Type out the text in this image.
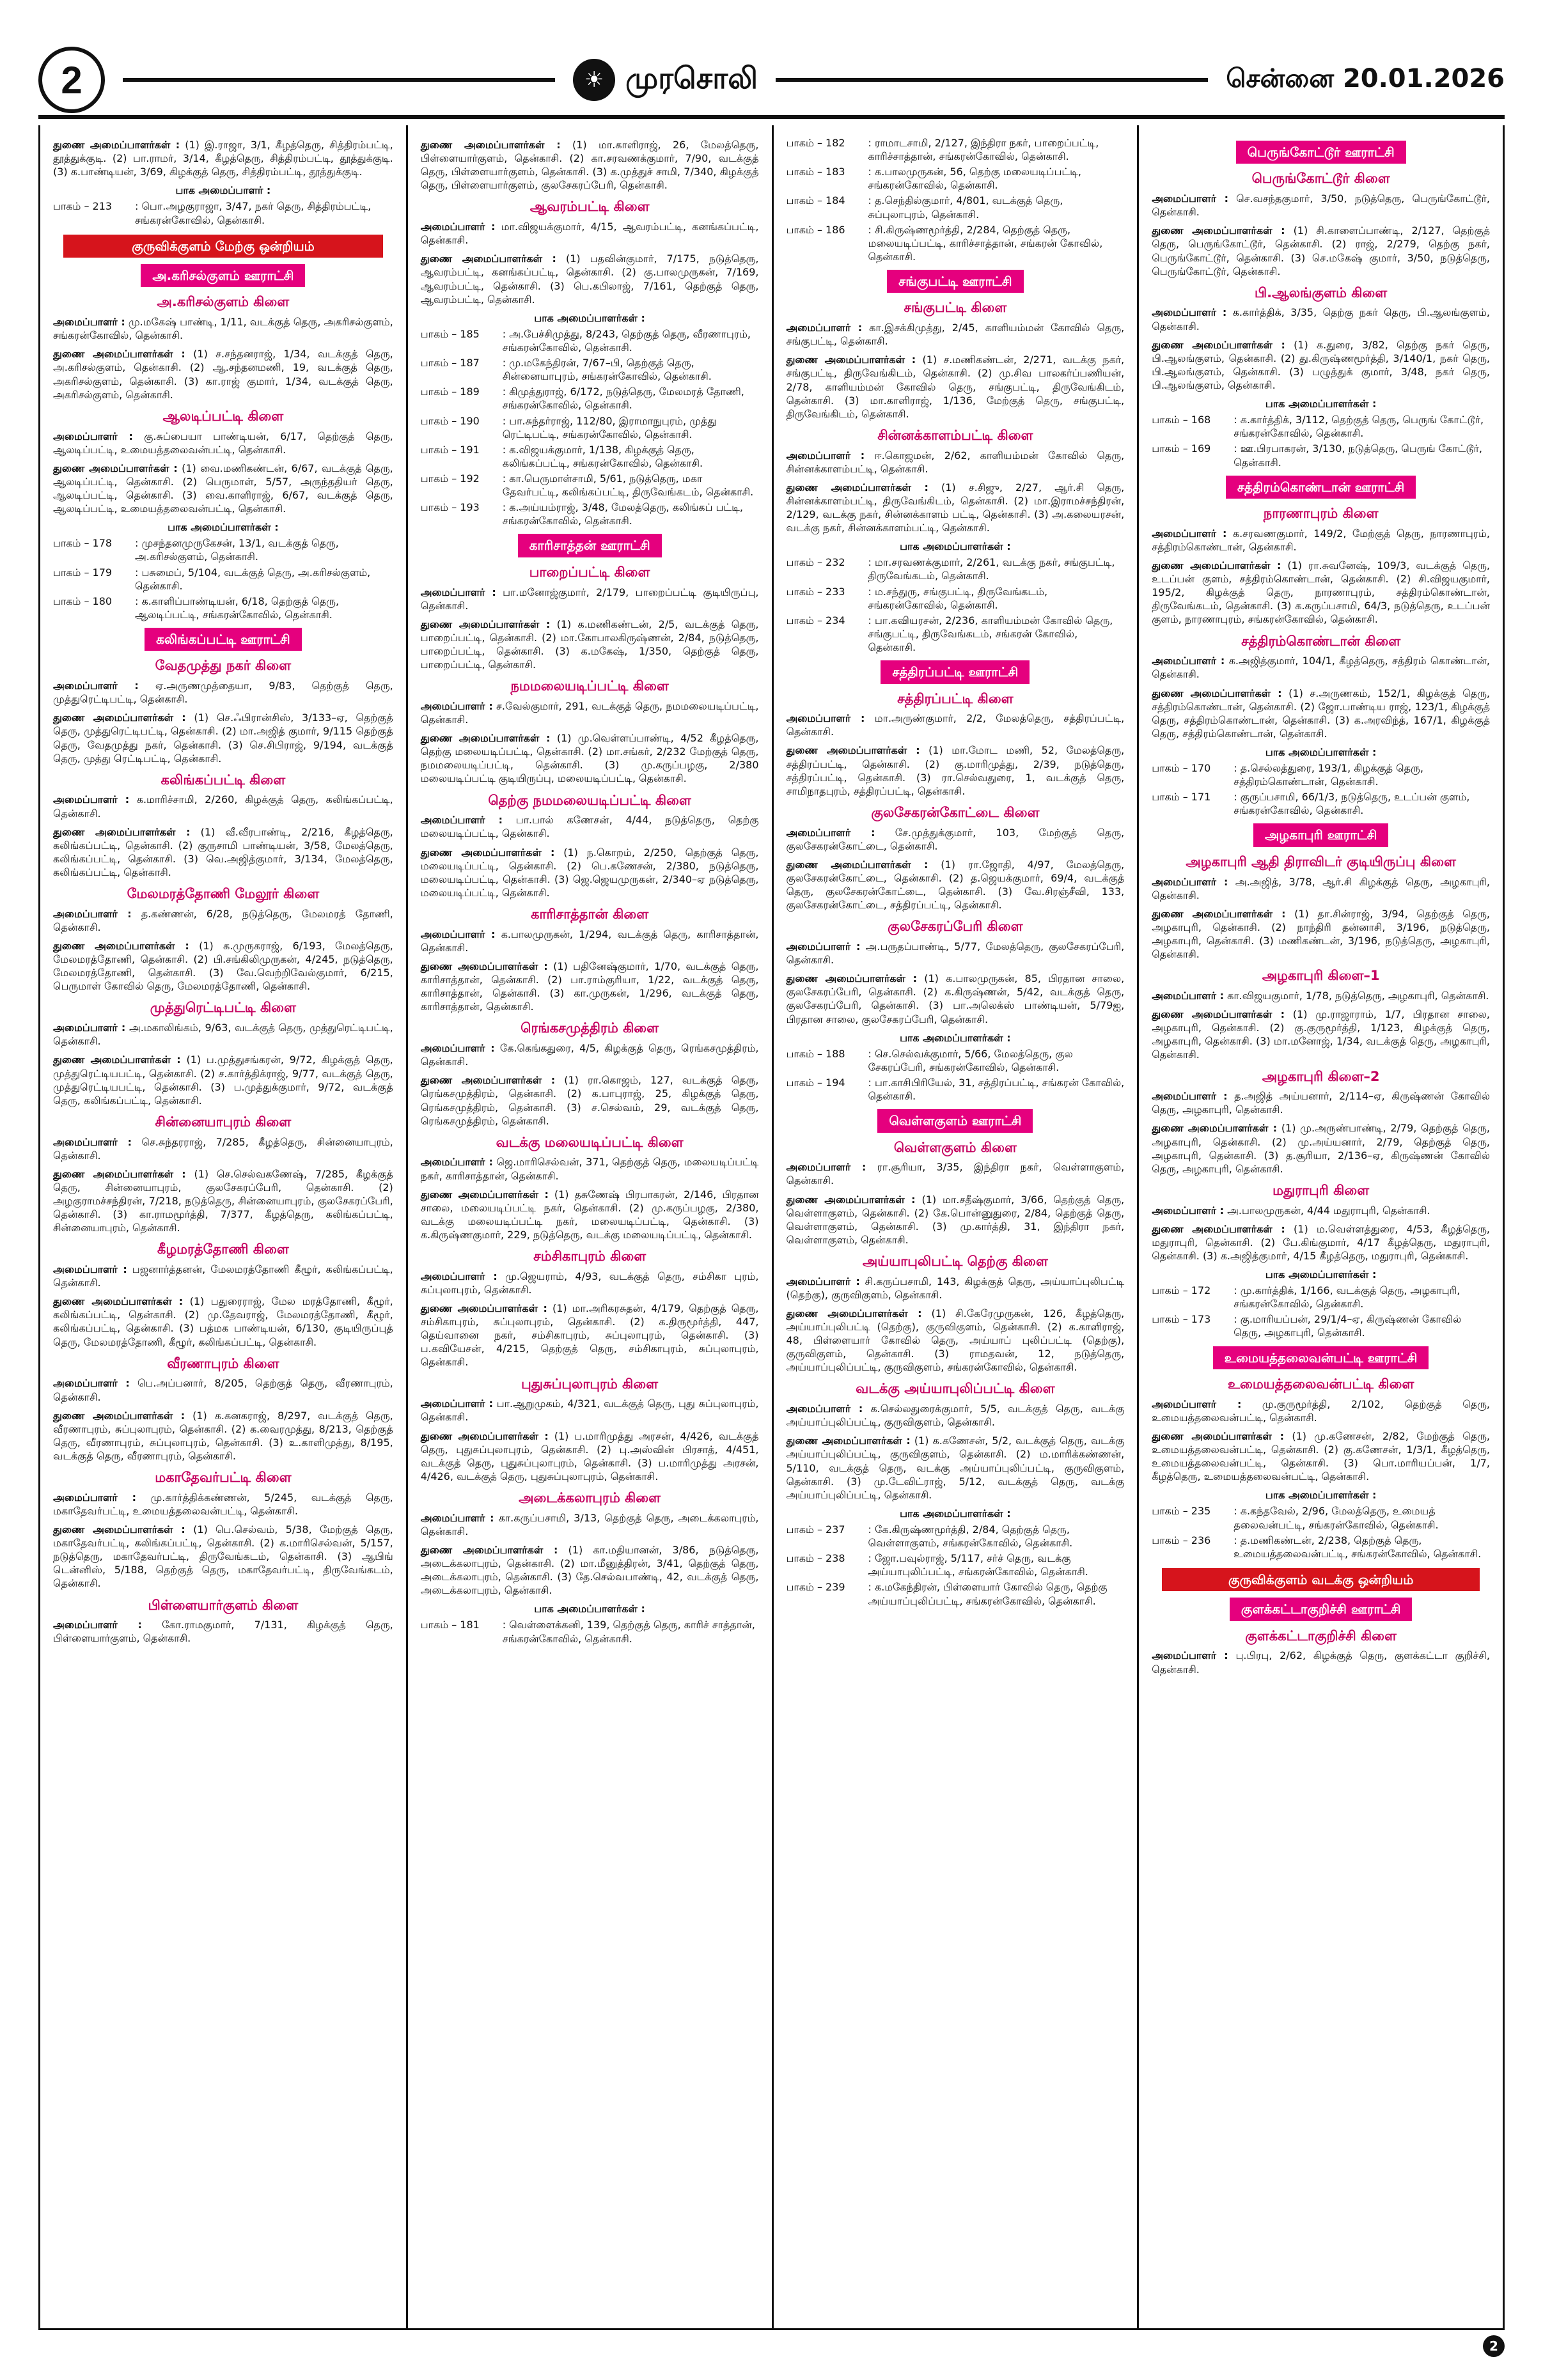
2	☀ முரசொலி	சென்னை 20.01.2026
துணை அமைப்பாளர்கள் : (1) இ.ராஜா, 3/1, கீழத்தெரு, சித்திரம்பட்டி, தூத்துக்குடி. (2) பா.ராமர், 3/14, கீழத்தெரு, சித்திரம்பட்டி, தூத்துக்குடி. (3) க.பாண்டியன், 3/69, கிழக்குத் தெரு, சித்திரம்பட்டி, தூத்துக்குடி.
பாக அமைப்பாளர் :
பாகம் – 213	: பொ.அழகுராஜா, 3/47, நகர் தெரு, சித்திரம்பட்டி, சங்கரன்கோவில், தென்காசி.
குருவிக்குளம் மேற்கு ஒன்றியம்
அ.கரிசல்குளம் ஊராட்சி
அ.கரிசல்குளம் கிளை
அமைப்பாளர் : மு.மகேஷ் பாண்டி, 1/11, வடக்குத் தெரு, அகரிசல்குளம், சங்கரன்கோவில், தென்காசி.
துணை அமைப்பாளர்கள் : (1) ச.சந்தனராஜ், 1/34, வடக்குத் தெரு, அ.கரிசல்குளம், தென்காசி. (2) ஆ.சந்தனமணி, 19, வடக்குத் தெரு, அகரிசல்குளம், தென்காசி. (3) கா.ராஜ் குமார், 1/34, வடக்குத் தெரு, அகரிசல்குளம், தென்காசி.
ஆலடிப்பட்டி கிளை
அமைப்பாளர் : கு.சுப்பையா பாண்டியன், 6/17, தெற்குத் தெரு, ஆலடிப்பட்டி, உமையத்தலைவன்பட்டி, தென்காசி.
துணை அமைப்பாளர்கள் : (1) வை.மணிகண்டன், 6/67, வடக்குத் தெரு, ஆலடிப்பட்டி, தென்காசி. (2) பெருமாள், 5/57, அருந்ததியர் தெரு, ஆலடிப்பட்டி, தென்காசி. (3) வை.காளிராஜ், 6/67, வடக்குத் தெரு, ஆலடிப்பட்டி, உமையத்தலைவன்பட்டி, தென்காசி.
பாக அமைப்பாளர்கள் :
பாகம் – 178	: முசந்தனமுருகேசன், 13/1, வடக்குத் தெரு, அ.கரிசல்குளம், தென்காசி.
பாகம் – 179	: பசுமைப், 5/104, வடக்குத் தெரு, அ.கரிசல்குளம், தென்காசி.
பாகம் – 180	: க.காளிப்பாண்டியன், 6/18, தெற்குத் தெரு, ஆலடிப்பட்டி, சங்கரன்கோவில், தென்காசி.
கலிங்கப்பட்டி ஊராட்சி
வேதமுத்து நகர் கிளை
அமைப்பாளர் : ஏ.அருணமுத்தையா, 9/83, தெற்குத் தெரு, முத்துரெட்டிபட்டி, தென்காசி.
துணை அமைப்பாளர்கள் : (1) செ.ஃபிரான்சிஸ், 3/133–ஏ, தெற்குத் தெரு, முத்துரெட்டிபட்டி, தென்காசி. (2) மா.அஜித் குமார், 9/115 தெற்குத் தெரு, வேதமுத்து நகர், தென்காசி. (3) செ.சிபிராஜ், 9/194, வடக்குத் தெரு, முத்து ரெட்டிபட்டி, தென்காசி.
கலிங்கப்பட்டி கிளை
அமைப்பாளர் : க.மாரிச்சாமி, 2/260, கிழக்குத் தெரு, கலிங்கப்பட்டி, தென்காசி.
துணை அமைப்பாளர்கள் : (1) வீ.வீரபாண்டி, 2/216, கீழத்தெரு, கலிங்கப்பட்டி, தென்காசி. (2) குருசாமி பாண்டியன், 3/58, மேலத்தெரு, கலிங்கப்பட்டி, தென்காசி. (3) வெ.அஜித்குமார், 3/134, மேலத்தெரு, கலிங்கப்பட்டி, தென்காசி.
மேலமரத்தோணி மேலூர் கிளை
அமைப்பாளர் : த.கண்ணன், 6/28, நடுத்தெரு, மேலமரத் தோணி, தென்காசி.
துணை அமைப்பாளர்கள் : (1) க.முருகராஜ், 6/193, மேலத்தெரு, மேலமரத்தோணி, தென்காசி. (2) பி.சங்கிலிமுருகன், 4/245, நடுத்தெரு, மேலமரத்தோணி, தென்காசி. (3) வே.வெற்றிவேல்குமார், 6/215, பெருமாள் கோவில் தெரு, மேலமரத்தோணி, தென்காசி.
முத்துரெட்டிபட்டி கிளை
அமைப்பாளர் : அ.மகாலிங்கம், 9/63, வடக்குத் தெரு, முத்துரெட்டிபட்டி, தென்காசி.
துணை அமைப்பாளர்கள் : (1) ப.முத்துசங்கரன், 9/72, கிழக்குத் தெரு, முத்துரெட்டியபட்டி, தென்காசி. (2) ச.கார்த்திக்ராஜ், 9/77, வடக்குத் தெரு, முத்துரெட்டியபட்டி, தென்காசி. (3) ப.முத்துக்குமார், 9/72, வடக்குத் தெரு, கலிங்கப்பட்டி, தென்காசி.
சின்னையாபுரம் கிளை
அமைப்பாளர் : செ.சுந்தரராஜ், 7/285, கீழத்தெரு, சின்னையாபுரம், தென்காசி.
துணை அமைப்பாளர்கள் : (1) செ.செல்வகணேஷ், 7/285, கீழக்குத் தெரு, சின்னையாபுரம், குலசேகரப்பேரி, தென்காசி. (2) அழகுராமச்சந்திரன், 7/218, நடுத்தெரு, சின்னையாபுரம், குலசேகரப்பேரி, தென்காசி. (3) கா.ராமமூர்த்தி, 7/377, கீழத்தெரு, கலிங்கப்பட்டி, சின்னையாபுரம், தென்காசி.
கீழமரத்தோணி கிளை
அமைப்பாளர் : பஜனார்த்தனன், மேலமரத்தோணி கீழூர், கலிங்கப்பட்டி, தென்காசி.
துணை அமைப்பாளர்கள் : (1) பதுரைராஜ், மேல மரத்தோணி, கீழூர், கலிங்கப்பட்டி, தென்காசி. (2) மு.தேவராஜ், மேலமரத்தோணி, கீழூர், கலிங்கப்பட்டி, தென்காசி. (3) பத்மக பாண்டியன், 6/130, குடியிருப்புத் தெரு, மேலமரத்தோணி, கீழூர், கலிங்கப்பட்டி, தென்காசி.
வீரணாபுரம் கிளை
அமைப்பாளர் : பெ.அப்பனார், 8/205, தெற்குத் தெரு, வீரணாபுரம், தென்காசி.
துணை அமைப்பாளர்கள் : (1) க.கனகராஜ், 8/297, வடக்குத் தெரு, வீரணாபுரம், சுப்புலாபுரம், தென்காசி. (2) க.வைரமுத்து, 8/213, தெற்குத் தெரு, வீரணாபுரம், சுப்புலாபுரம், தென்காசி. (3) உ.காளிமுத்து, 8/195, வடக்குத் தெரு, வீரணாபுரம், தென்காசி.
மகாதேவர்பட்டி கிளை
அமைப்பாளர் : மு.கார்த்திக்கண்ணன், 5/245, வடக்குத் தெரு, மகாதேவர்பட்டி, உமையத்தலைவன்பட்டி, தென்காசி.
துணை அமைப்பாளர்கள் : (1) பெ.செல்வம், 5/38, மேற்குத் தெரு, மகாதேவர்பட்டி, கலிங்கப்பட்டி, தென்காசி. (2) க.மாரிசெல்வன், 5/157, நடுத்தெரு, மகாதேவர்பட்டி, திருவேங்கடம், தென்காசி. (3) ஆபிங் டென்னிஸ், 5/188, தெற்குத் தெரு, மகாதேவர்பட்டி, திருவேங்கடம், தென்காசி.
பிள்ளையார்குளம் கிளை
அமைப்பாளர் : கோ.ராமகுமார், 7/131, கிழக்குத் தெரு, பிள்ளையார்குளம், தென்காசி.
துணை அமைப்பாளர்கள் : (1) மா.காளிராஜ், 26, மேலத்தெரு, பிள்ளையார்குளம், தென்காசி. (2) கா.சரவணக்குமார், 7/90, வடக்குத் தெரு, பிள்ளையார்குளம், தென்காசி. (3) க.முத்துச் சாமி, 7/340, கிழக்குத் தெரு, பிள்ளையார்குளம், குலசேகரப்பேரி, தென்காசி.
ஆவரம்பட்டி கிளை
அமைப்பாளர் : மா.விஜயக்குமார், 4/15, ஆவரம்பட்டி, கனங்கப்பட்டி, தென்காசி.
துணை அமைப்பாளர்கள் : (1) பதவின்குமார், 7/175, நடுத்தெரு, ஆவரம்பட்டி, கனங்கப்பட்டி, தென்காசி. (2) கு.பாலமுருகன், 7/169, ஆவரம்பட்டி, தென்காசி. (3) பெ.கபிலாஜ், 7/161, தெற்குத் தெரு, ஆவரம்பட்டி, தென்காசி.
பாக அமைப்பாளர்கள் :
பாகம் – 185	: அ.பேச்சிமுத்து, 8/243, தெற்குத் தெரு, வீரணாபுரம், சங்கரன்கோவில், தென்காசி.
பாகம் – 187	: மு.மகேந்திரன், 7/67–பி, தெற்குத் தெரு, சின்னையாபுரம், சங்கரன்கோவில், தென்காசி.
பாகம் – 189	: கிமுத்துராஜ், 6/172, நடுத்தெரு, மேலமரத் தோணி, சங்கரன்கோவில், தென்காசி.
பாகம் – 190	: பா.சுந்தர்ராஜ், 112/80, இராமாநுபுரம், முத்து ரெட்டிபட்டி, சங்கரன்கோவில், தென்காசி.
பாகம் – 191	: க.விஜயக்குமார், 1/138, கிழக்குத் தெரு, கலிங்கப்பட்டி, சங்கரன்கோவில், தென்காசி.
பாகம் – 192	: கா.பெருமாள்சாமி, 5/61, நடுத்தெரு, மகா தேவர்பட்டி, கலிங்கப்பட்டி, திருவேங்கடம், தென்காசி.
பாகம் – 193	: க.அய்யம்ராஜ், 3/48, மேலத்தெரு, கலிங்கப் பட்டி, சங்கரன்கோவில், தென்காசி.
காரிசாத்தன் ஊராட்சி
பாறைப்பட்டி கிளை
அமைப்பாளர் : பா.மனோஜ்குமார், 2/179, பாறைப்பட்டி குடியிருப்பு, தென்காசி.
துணை அமைப்பாளர்கள் : (1) க.மணிகண்டன், 2/5, வடக்குத் தெரு, பாறைப்பட்டி, தென்காசி. (2) மா.கோபாலகிருஷ்ணன், 2/84, நடுத்தெரு, பாறைப்பட்டி, தென்காசி. (3) க.மகேஷ், 1/350, தெற்குத் தெரு, பாறைப்பட்டி, தென்காசி.
நமமலையடிப்பட்டி கிளை
அமைப்பாளர் : ச.வேல்குமார், 291, வடக்குத் தெரு, நமமலையடிப்பட்டி, தென்காசி.
துணை அமைப்பாளர்கள் : (1) மு.வெள்ளப்பாண்டி, 4/52 கீழத்தெரு, தெற்கு மலையடிப்பட்டி, தென்காசி. (2) மா.சங்கர், 2/232 மேற்குத் தெரு, நமமலையடிப்பட்டி, தென்காசி. (3) மு.கருப்பழகு, 2/380 மலையடிப்பட்டி குடியிருப்பு, மலையடிப்பட்டி, தென்காசி.
தெற்கு நமமலையடிப்பட்டி கிளை
அமைப்பாளர் : பா.பால் கணேசன், 4/44, நடுத்தெரு, தெற்கு மலையடிப்பட்டி, தென்காசி.
துணை அமைப்பாளர்கள் : (1) ந.கொறம், 2/250, தெற்குத் தெரு, மலையடிப்பட்டி, தென்காசி. (2) பெ.கணேசன், 2/380, நடுத்தெரு, மலையடிப்பட்டி, தென்காசி. (3) ஜெ.ஜெயமுருகன், 2/340–ஏ நடுத்தெரு, மலையடிப்பட்டி, தென்காசி.
காரிசாத்தான் கிளை
அமைப்பாளர் : க.பாலமுருகன், 1/294, வடக்குத் தெரு, காரிசாத்தான், தென்காசி.
துணை அமைப்பாளர்கள் : (1) பதினேஷ்குமார், 1/70, வடக்குத் தெரு, காரிசாத்தான், தென்காசி. (2) பா.ராம்குரியா, 1/22, வடக்குத் தெரு, காரிசாத்தான், தென்காசி. (3) கா.முருகன், 1/296, வடக்குத் தெரு, காரிசாத்தான், தென்காசி.
ரெங்கசமுத்திரம் கிளை
அமைப்பாளர் : கே.கெங்கதுரை, 4/5, கிழக்குத் தெரு, ரெங்கசமுத்திரம், தென்காசி.
துணை அமைப்பாளர்கள் : (1) ரா.கொஜம், 127, வடக்குத் தெரு, ரெங்கசமுத்திரம், தென்காசி. (2) க.பாபுராஜ், 25, கிழக்குத் தெரு, ரெங்கசமுத்திரம், தென்காசி. (3) ச.செல்வம், 29, வடக்குத் தெரு, ரெங்கசமுத்திரம், தென்காசி.
வடக்கு மலையடிப்பட்டி கிளை
அமைப்பாளர் : ஜெ.மாரிசெல்வன், 371, தெற்குத் தெரு, மலையடிப்பட்டி நகர், காரிசாத்தான், தென்காசி.
துணை அமைப்பாளர்கள் : (1) தசுணேஷ் பிரபாகரன், 2/146, பிரதான சாலை, மலையடிப்பட்டி நகர், தென்காசி. (2) மு.கருப்பழகு, 2/380, வடக்கு மலையடிப்பட்டி நகர், மலையடிப்பட்டி, தென்காசி. (3) க.கிருஷ்ணகுமார், 229, நடுத்தெரு, வடக்கு மலையடிப்பட்டி, தென்காசி.
சம்சிகாபுரம் கிளை
அமைப்பாளர் : மு.ஜெயராம், 4/93, வடக்குத் தெரு, சம்சிகா புரம், சுப்புலாபுரம், தென்காசி.
துணை அமைப்பாளர்கள் : (1) மா.அரிகரசுதன், 4/179, தெற்குத் தெரு, சம்சிகாபுரம், சுப்புலாபுரம், தென்காசி. (2) க.திருமூர்த்தி, 447, தெய்வானை நகர், சம்சிகாபுரம், சுப்புலாபுரம், தென்காசி. (3) ப.கவியேசன், 4/215, தெற்குத் தெரு, சம்சிகாபுரம், சுப்புலாபுரம், தென்காசி.
புதுசுப்புலாபுரம் கிளை
அமைப்பாளர் : பா.ஆறுமுகம், 4/321, வடக்குத் தெரு, புது சுப்புலாபுரம், தென்காசி.
துணை அமைப்பாளர்கள் : (1) ப.மாரிமுத்து அரசன், 4/426, வடக்குத் தெரு, புதுசுப்புலாபுரம், தென்காசி. (2) பு.அஸ்வின் பிரசாத், 4/451, வடக்குத் தெரு, புதுசுப்புலாபுரம், தென்காசி. (3) ப.மாரிமுத்து அரசன், 4/426, வடக்குத் தெரு, புதுசுப்புலாபுரம், தென்காசி.
அடைக்கலாபுரம் கிளை
அமைப்பாளர் : கா.கருப்பசாமி, 3/13, தெற்குத் தெரு, அடைக்கலாபுரம், தென்காசி.
துணை அமைப்பாளர்கள் : (1) கா.மதியானன், 3/86, நடுத்தெரு, அடைக்கலாபுரம், தென்காசி. (2) மா.மீனுத்திரன், 3/41, தெற்குத் தெரு, அடைக்கலாபுரம், தென்காசி. (3) தே.செல்வபாண்டி, 42, வடக்குத் தெரு, அடைக்கலாபுரம், தென்காசி.
பாக அமைப்பாளர்கள் :
பாகம் – 181	: வெள்ளைக்கனி, 139, தெற்குத் தெரு, காரிச் சாத்தான், சங்கரன்கோவில், தென்காசி.
பாகம் – 182	: ராமாடசாமி, 2/127, இந்திரா நகர், பாறைப்பட்டி, காரிச்சாத்தான், சங்கரன்கோவில், தென்காசி.
பாகம் – 183	: க.பாலமுருகன், 56, தெற்கு மலையடிப்பட்டி, சங்கரன்கோவில், தென்காசி.
பாகம் – 184	: த.செந்தில்குமார், 4/801, வடக்குத் தெரு, சுப்புலாபுரம், தென்காசி.
பாகம் – 186	: சி.கிருஷ்ணமூர்த்தி, 2/284, தெற்குத் தெரு, மலையடிப்பட்டி, காரிச்சாத்தான், சங்கரன் கோவில், தென்காசி.
சங்குபட்டி ஊராட்சி
சங்குபட்டி கிளை
அமைப்பாளர் : கா.இசக்கிமுத்து, 2/45, காளியம்மன் கோவில் தெரு, சங்குபட்டி, தென்காசி.
துணை அமைப்பாளர்கள் : (1) ச.மணிகண்டன், 2/271, வடக்கு நகர், சங்குபட்டி, திருவேங்கிடம், தென்காசி. (2) மு.சிவ பாலகர்ப்பணியன், 2/78, காளியம்மன் கோவில் தெரு, சங்குபட்டி, திருவேங்கிடம், தென்காசி. (3) மா.காளிராஜ், 1/136, மேற்குத் தெரு, சங்குபட்டி, திருவேங்கிடம், தென்காசி.
சின்னக்காளம்பட்டி கிளை
அமைப்பாளர் : ஈ.கொஜமன், 2/62, காளியம்மன் கோவில் தெரு, சின்னக்காளம்பட்டி, தென்காசி.
துணை அமைப்பாளர்கள் : (1) ச.சிஜு, 2/27, ஆர்.சி தெரு, சின்னக்காளம்பட்டி, திருவேங்கிடம், தென்காசி. (2) மா.இராமச்சந்திரன், 2/129, வடக்கு நகர், சின்னக்காளம் பட்டி, தென்காசி. (3) அ.கலையரசன், வடக்கு நகர், சின்னக்காளம்பட்டி, தென்காசி.
பாக அமைப்பாளர்கள் :
பாகம் – 232	: மா.சரவணக்குமார், 2/261, வடக்கு நகர், சங்குபட்டி, திருவேங்கடம், தென்காசி.
பாகம் – 233	: ம.சந்துரு, சங்குபட்டி, திருவேங்கடம், சங்கரன்கோவில், தென்காசி.
பாகம் – 234	: பா.கவியரசன், 2/236, காளியம்மன் கோவில் தெரு, சங்குபட்டி, திருவேங்கடம், சங்கரன் கோவில், தென்காசி.
சத்திரப்பட்டி ஊராட்சி
சத்திரப்பட்டி கிளை
அமைப்பாளர் : மா.அருண்குமார், 2/2, மேலத்தெரு, சத்திரப்பட்டி, தென்காசி.
துணை அமைப்பாளர்கள் : (1) மா.மோட மணி, 52, மேலத்தெரு, சத்திரப்பட்டி, தென்காசி. (2) கு.மாரிமுத்து, 2/39, நடுத்தெரு, சத்திரப்பட்டி, தென்காசி. (3) ரா.செல்வதுரை, 1, வடக்குத் தெரு, சாமிநாதபுரம், சத்திரப்பட்டி, தென்காசி.
குலசேகரன்கோட்டை கிளை
அமைப்பாளர் : சே.முத்துக்குமார், 103, மேற்குத் தெரு, குலசேகரன்கோட்டை, தென்காசி.
துணை அமைப்பாளர்கள் : (1) ரா.ஜோதி, 4/97, மேலத்தெரு, குலசேகரன்கோட்டை, தென்காசி. (2) த.ஜெயக்குமார், 69/4, வடக்குத் தெரு, குலசேகரன்கோட்டை, தென்காசி. (3) வே.சிரஞ்சீவி, 133, குலசேகரன்கோட்டை, சத்திரப்பட்டி, தென்காசி.
குலசேகரப்பேரி கிளை
அமைப்பாளர் : அ.பருதப்பாண்டி, 5/77, மேலத்தெரு, குலசேகரப்பேரி, தென்காசி.
துணை அமைப்பாளர்கள் : (1) க.பாலமுருகன், 85, பிரதான சாலை, குலசேகரப்பேரி, தென்காசி. (2) க.கிருஷ்ணன், 5/42, வடக்குத் தெரு, குலசேகரப்பேரி, தென்காசி. (3) பா.அலெக்ஸ் பாண்டியன், 5/79ஐ, பிரதான சாலை, குலசேகரப்பேரி, தென்காசி.
பாக அமைப்பாளர்கள் :
பாகம் – 188	: செ.செல்வக்குமார், 5/66, மேலத்தெரு, குல சேகரப்பேரி, சங்கரன்கோவில், தென்காசி.
பாகம் – 194	: பா.காசிபிரியேல், 31, சத்திரப்பட்டி, சங்கரன் கோவில், தென்காசி.
வெள்ளகுளம் ஊராட்சி
வெள்ளகுளம் கிளை
அமைப்பாளர் : ரா.சூரியா, 3/35, இந்திரா நகர், வெள்ளாகுளம், தென்காசி.
துணை அமைப்பாளர்கள் : (1) மா.சதீஷ்குமார், 3/66, தெற்குத் தெரு, வெள்ளாகுளம், தென்காசி. (2) கே.பொன்னுதுரை, 2/84, தெற்குத் தெரு, வெள்ளாகுளம், தென்காசி. (3) மு.கார்த்தி, 31, இந்திரா நகர், வெள்ளாகுளம், தென்காசி.
அய்யாபுலிபட்டி தெற்கு கிளை
அமைப்பாளர் : சி.கருப்பசாமி, 143, கிழக்குத் தெரு, அய்யாப்புலிபட்டி (தெற்கு), குருவிகுளம், தென்காசி.
துணை அமைப்பாளர்கள் : (1) சி.கேரேமுருகன், 126, கீழத்தெரு, அய்யாப்புலிபட்டி (தெற்கு), குருவிகுளம், தென்காசி. (2) க.காளிராஜ், 48, பிள்ளையார் கோவில் தெரு, அய்யாப் புலிப்பட்டி (தெற்கு), குருவிகுளம், தென்காசி. (3) ராமதவன், 12, நடுத்தெரு, அய்யாப்புலிப்பட்டி, குருவிகுளம், சங்கரன்கோவில், தென்காசி.
வடக்கு அய்யாபுலிப்பட்டி கிளை
அமைப்பாளர் : க.செல்லதுரைக்குமார், 5/5, வடக்குத் தெரு, வடக்கு அய்யாப்புலிப்பட்டி, குருவிகுளம், தென்காசி.
துணை அமைப்பாளர்கள் : (1) க.கணேசன், 5/2, வடக்குத் தெரு, வடக்கு அய்யாப்புலிப்பட்டி, குருவிகுளம், தென்காசி. (2) ம.மாரிக்கண்ணன், 5/110, வடக்குத் தெரு, வடக்கு அய்யாப்புலிப்பட்டி, குருவிகுளம், தென்காசி. (3) மு.டேவிட்ராஜ், 5/12, வடக்குத் தெரு, வடக்கு அய்யாப்புலிப்பட்டி, தென்காசி.
பாக அமைப்பாளர்கள் :
பாகம் – 237	: கே.கிருஷ்ணமூர்த்தி, 2/84, தெற்குத் தெரு, வெள்ளாகுளம், சங்கரன்கோவில், தென்காசி.
பாகம் – 238	: ஜோ.பவுல்ராஜ், 5/117, சர்ச் தெரு, வடக்கு அய்யாபுலிப்பட்டி, சங்கரன்கோவில், தென்காசி.
பாகம் – 239	: க.மகேந்திரன், பிள்ளையார் கோவில் தெரு, தெற்கு அய்யாப்புலிப்பட்டி, சங்கரன்கோவில், தென்காசி.
பெருங்கோட்டூர் ஊராட்சி
பெருங்கோட்டூர் கிளை
அமைப்பாளர் : செ.வசந்தகுமார், 3/50, நடுத்தெரு, பெருங்கோட்டூர், தென்காசி.
துணை அமைப்பாளர்கள் : (1) சி.காளைப்பாண்டி, 2/127, தெற்குத் தெரு, பெருங்கோட்டூர், தென்காசி. (2) ராஜ், 2/279, தெற்கு நகர், பெருங்கோட்டூர், தென்காசி. (3) செ.மகேஷ் குமார், 3/50, நடுத்தெரு, பெருங்கோட்டூர், தென்காசி.
பி.ஆலங்குளம் கிளை
அமைப்பாளர் : க.கார்த்திக், 3/35, தெற்கு நகர் தெரு, பி.ஆலங்குளம், தென்காசி.
துணை அமைப்பாளர்கள் : (1) க.துரை, 3/82, தெற்கு நகர் தெரு, பி.ஆலங்குளம், தென்காசி. (2) து.கிருஷ்ணமூர்த்தி, 3/140/1, நகர் தெரு, பி.ஆலங்குளம், தென்காசி. (3) பழுத்துக் குமார், 3/48, நகர் தெரு, பி.ஆலங்குளம், தென்காசி.
பாக அமைப்பாளர்கள் :
பாகம் – 168	: க.கார்த்திக், 3/112, தெற்குத் தெரு, பெருங் கோட்டூர், சங்கரன்கோவில், தென்காசி.
பாகம் – 169	: ஊ.பிரபாகரன், 3/130, நடுத்தெரு, பெருங் கோட்டூர், தென்காசி.
சத்திரம்கொண்டான் ஊராட்சி
நாரணாபுரம் கிளை
அமைப்பாளர் : க.சரவணகுமார், 149/2, மேற்குத் தெரு, நாரணாபுரம், சத்திரம்கொண்டான், தென்காசி.
துணை அமைப்பாளர்கள் : (1) ரா.சுவனேஷ், 109/3, வடக்குத் தெரு, உடப்பன் குளம், சத்திரம்கொண்டான், தென்காசி. (2) சி.விஜயகுமார், 195/2, கிழக்குத் தெரு, நாரணாபுரம், சத்திரம்கொண்டான், திருவேங்கடம், தென்காசி. (3) க.கருப்பசாமி, 64/3, நடுத்தெரு, உடப்பன் குளம், நாரணாபுரம், சங்கரன்கோவில், தென்காசி.
சத்திரம்கொண்டான் கிளை
அமைப்பாளர் : க.அஜித்குமார், 104/1, கீழத்தெரு, சத்திரம் கொண்டான், தென்காசி.
துணை அமைப்பாளர்கள் : (1) ச.அருணகம், 152/1, கிழக்குத் தெரு, சத்திரம்கொண்டான், தென்காசி. (2) ஜோ.பாண்டிய ராஜ், 123/1, கிழக்குத் தெரு, சத்திரம்கொண்டான், தென்காசி. (3) க.அரவிந்த், 167/1, கிழக்குத் தெரு, சத்திரம்கொண்டான், தென்காசி.
பாக அமைப்பாளர்கள் :
பாகம் – 170	: த.செல்லத்துரை, 193/1, கிழக்குத் தெரு, சத்திரம்கொண்டான், தென்காசி.
பாகம் – 171	: குருப்பசாமி, 66/1/3, நடுத்தெரு, உடப்பன் குளம், சங்கரன்கோவில், தென்காசி.
அழகாபுரி ஊராட்சி
அழகாபுரி ஆதி திராவிடர் குடியிருப்பு கிளை
அமைப்பாளர் : அ.அஜித், 3/78, ஆர்.சி கிழக்குத் தெரு, அழகாபுரி, தென்காசி.
துணை அமைப்பாளர்கள் : (1) தா.சின்ராஜ், 3/94, தெற்குத் தெரு, அழகாபுரி, தென்காசி. (2) நாந்திரி தன்னாசி, 3/196, நடுத்தெரு, அழகாபுரி, தென்காசி. (3) மணிகண்டன், 3/196, நடுத்தெரு, அழகாபுரி, தென்காசி.
அழகாபுரி கிளை–1
அமைப்பாளர் : கா.விஜயகுமார், 1/78, நடுத்தெரு, அழகாபுரி, தென்காசி.
துணை அமைப்பாளர்கள் : (1) மு.ராஜாராம், 1/7, பிரதான சாலை, அழகாபுரி, தென்காசி. (2) கு.குருமூர்த்தி, 1/123, கிழக்குத் தெரு, அழகாபுரி, தென்காசி. (3) மா.மனோஜ், 1/34, வடக்குத் தெரு, அழகாபுரி, தென்காசி.
அழகாபுரி கிளை–2
அமைப்பாளர் : த.அஜித் அய்யனார், 2/114–ஏ, கிருஷ்ணன் கோவில் தெரு, அழகாபுரி, தென்காசி.
துணை அமைப்பாளர்கள் : (1) மு.அருண்பாண்டி, 2/79, தெற்குத் தெரு, அழகாபுரி, தென்காசி. (2) மு.அய்யனார், 2/79, தெற்குத் தெரு, அழகாபுரி, தென்காசி. (3) த.சூரியா, 2/136–ஏ, கிருஷ்ணன் கோவில் தெரு, அழகாபுரி, தென்காசி.
மதுராபுரி கிளை
அமைப்பாளர் : அ.பாலமுருகன், 4/44 மதுராபுரி, தென்காசி.
துணை அமைப்பாளர்கள் : (1) ம.வெள்ளத்துரை, 4/53, கீழத்தெரு, மதுராபுரி, தென்காசி. (2) பே.கிங்குமார், 4/17 கீழத்தெரு, மதுராபுரி, தென்காசி. (3) க.அஜித்குமார், 4/15 கீழத்தெரு, மதுராபுரி, தென்காசி.
பாக அமைப்பாளர்கள் :
பாகம் – 172	: மு.கார்த்திக், 1/166, வடக்குத் தெரு, அழகாபுரி, சங்கரன்கோவில், தென்காசி.
பாகம் – 173	: கு.மாரியப்பன், 29/1/4–ஏ, கிருஷ்ணன் கோவில் தெரு, அழகாபுரி, தென்காசி.
உமையத்தலைவன்பட்டி ஊராட்சி
உமையத்தலைவன்பட்டி கிளை
அமைப்பாளர் : மு.குருமூர்த்தி, 2/102, தெற்குத் தெரு, உமையத்தலைவன்பட்டி, தென்காசி.
துணை அமைப்பாளர்கள் : (1) மு.கணேசன், 2/82, மேற்குத் தெரு, உமையத்தலைவன்பட்டி, தென்காசி. (2) கு.கணேசன், 1/3/1, கீழத்தெரு, உமையத்தலைவன்பட்டி, தென்காசி. (3) பொ.மாரியப்பன், 1/7, கீழத்தெரு, உமையத்தலைவன்பட்டி, தென்காசி.
பாக அமைப்பாளர்கள் :
பாகம் – 235	: க.கந்தவேல், 2/96, மேலத்தெரு, உமையத் தலைவன்பட்டி, சங்கரன்கோவில், தென்காசி.
பாகம் – 236	: த.மணிகண்டன், 2/238, தெற்குத் தெரு, உமையத்தலைவன்பட்டி, சங்கரன்கோவில், தென்காசி.
குருவிக்குளம் வடக்கு ஒன்றியம்
குளக்கட்டாகுறிச்சி ஊராட்சி
குளக்கட்டாகுறிச்சி கிளை
அமைப்பாளர் : பு.பிரபு, 2/62, கிழக்குத் தெரு, குளக்கட்டா குறிச்சி, தென்காசி.
2
